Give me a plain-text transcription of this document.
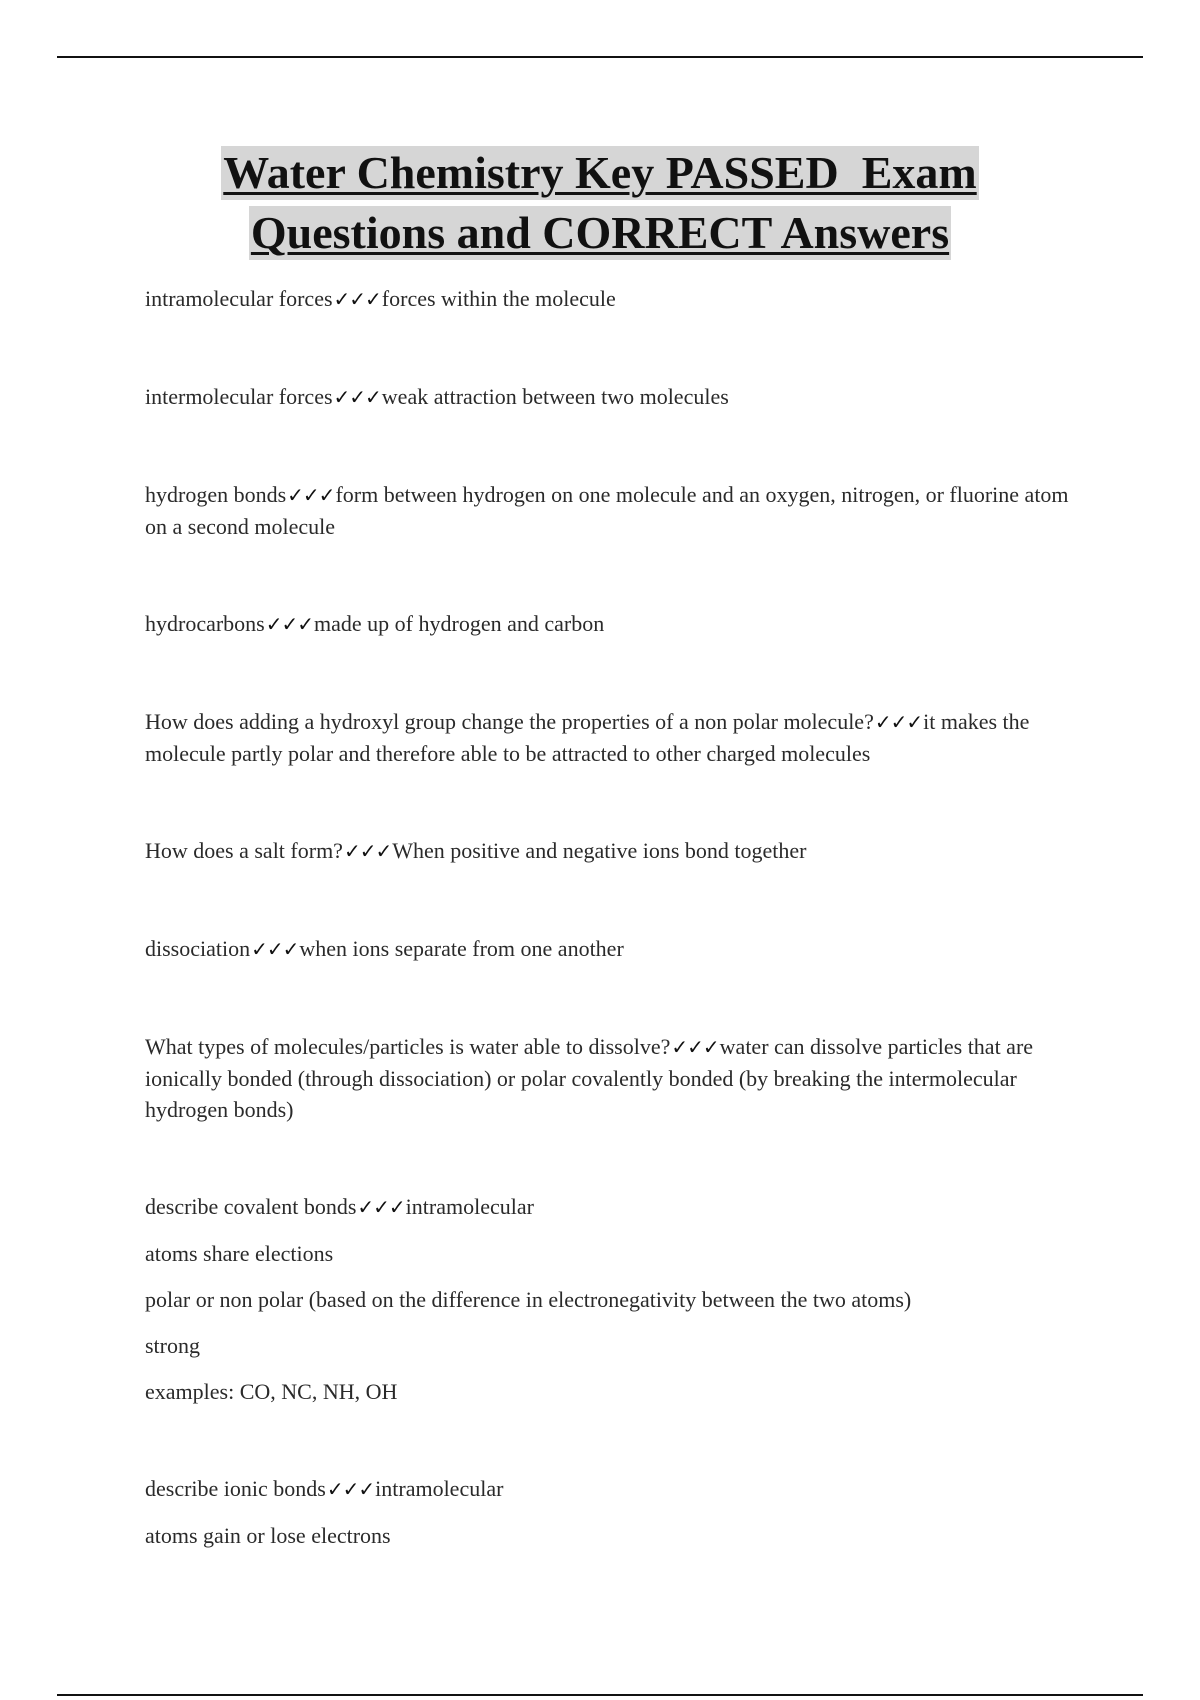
Water Chemistry Key PASSED  Exam
Questions and CORRECT Answers

intramolecular forces✓✓✓forces within the molecule

intermolecular forces✓✓✓weak attraction between two molecules

hydrogen bonds✓✓✓form between hydrogen on one molecule and an oxygen, nitrogen, or fluorine atom on a second molecule

hydrocarbons✓✓✓made up of hydrogen and carbon

How does adding a hydroxyl group change the properties of a non polar molecule?✓✓✓it makes the molecule partly polar and therefore able to be attracted to other charged molecules

How does a salt form?✓✓✓When positive and negative ions bond together

dissociation✓✓✓when ions separate from one another

What types of molecules/particles is water able to dissolve?✓✓✓water can dissolve particles that are ionically bonded (through dissociation) or polar covalently bonded (by breaking the intermolecular hydrogen bonds)

describe covalent bonds✓✓✓intramolecular
atoms share elections
polar or non polar (based on the difference in electronegativity between the two atoms)
strong
examples: CO, NC, NH, OH
describe ionic bonds✓✓✓intramolecular
atoms gain or lose electrons
